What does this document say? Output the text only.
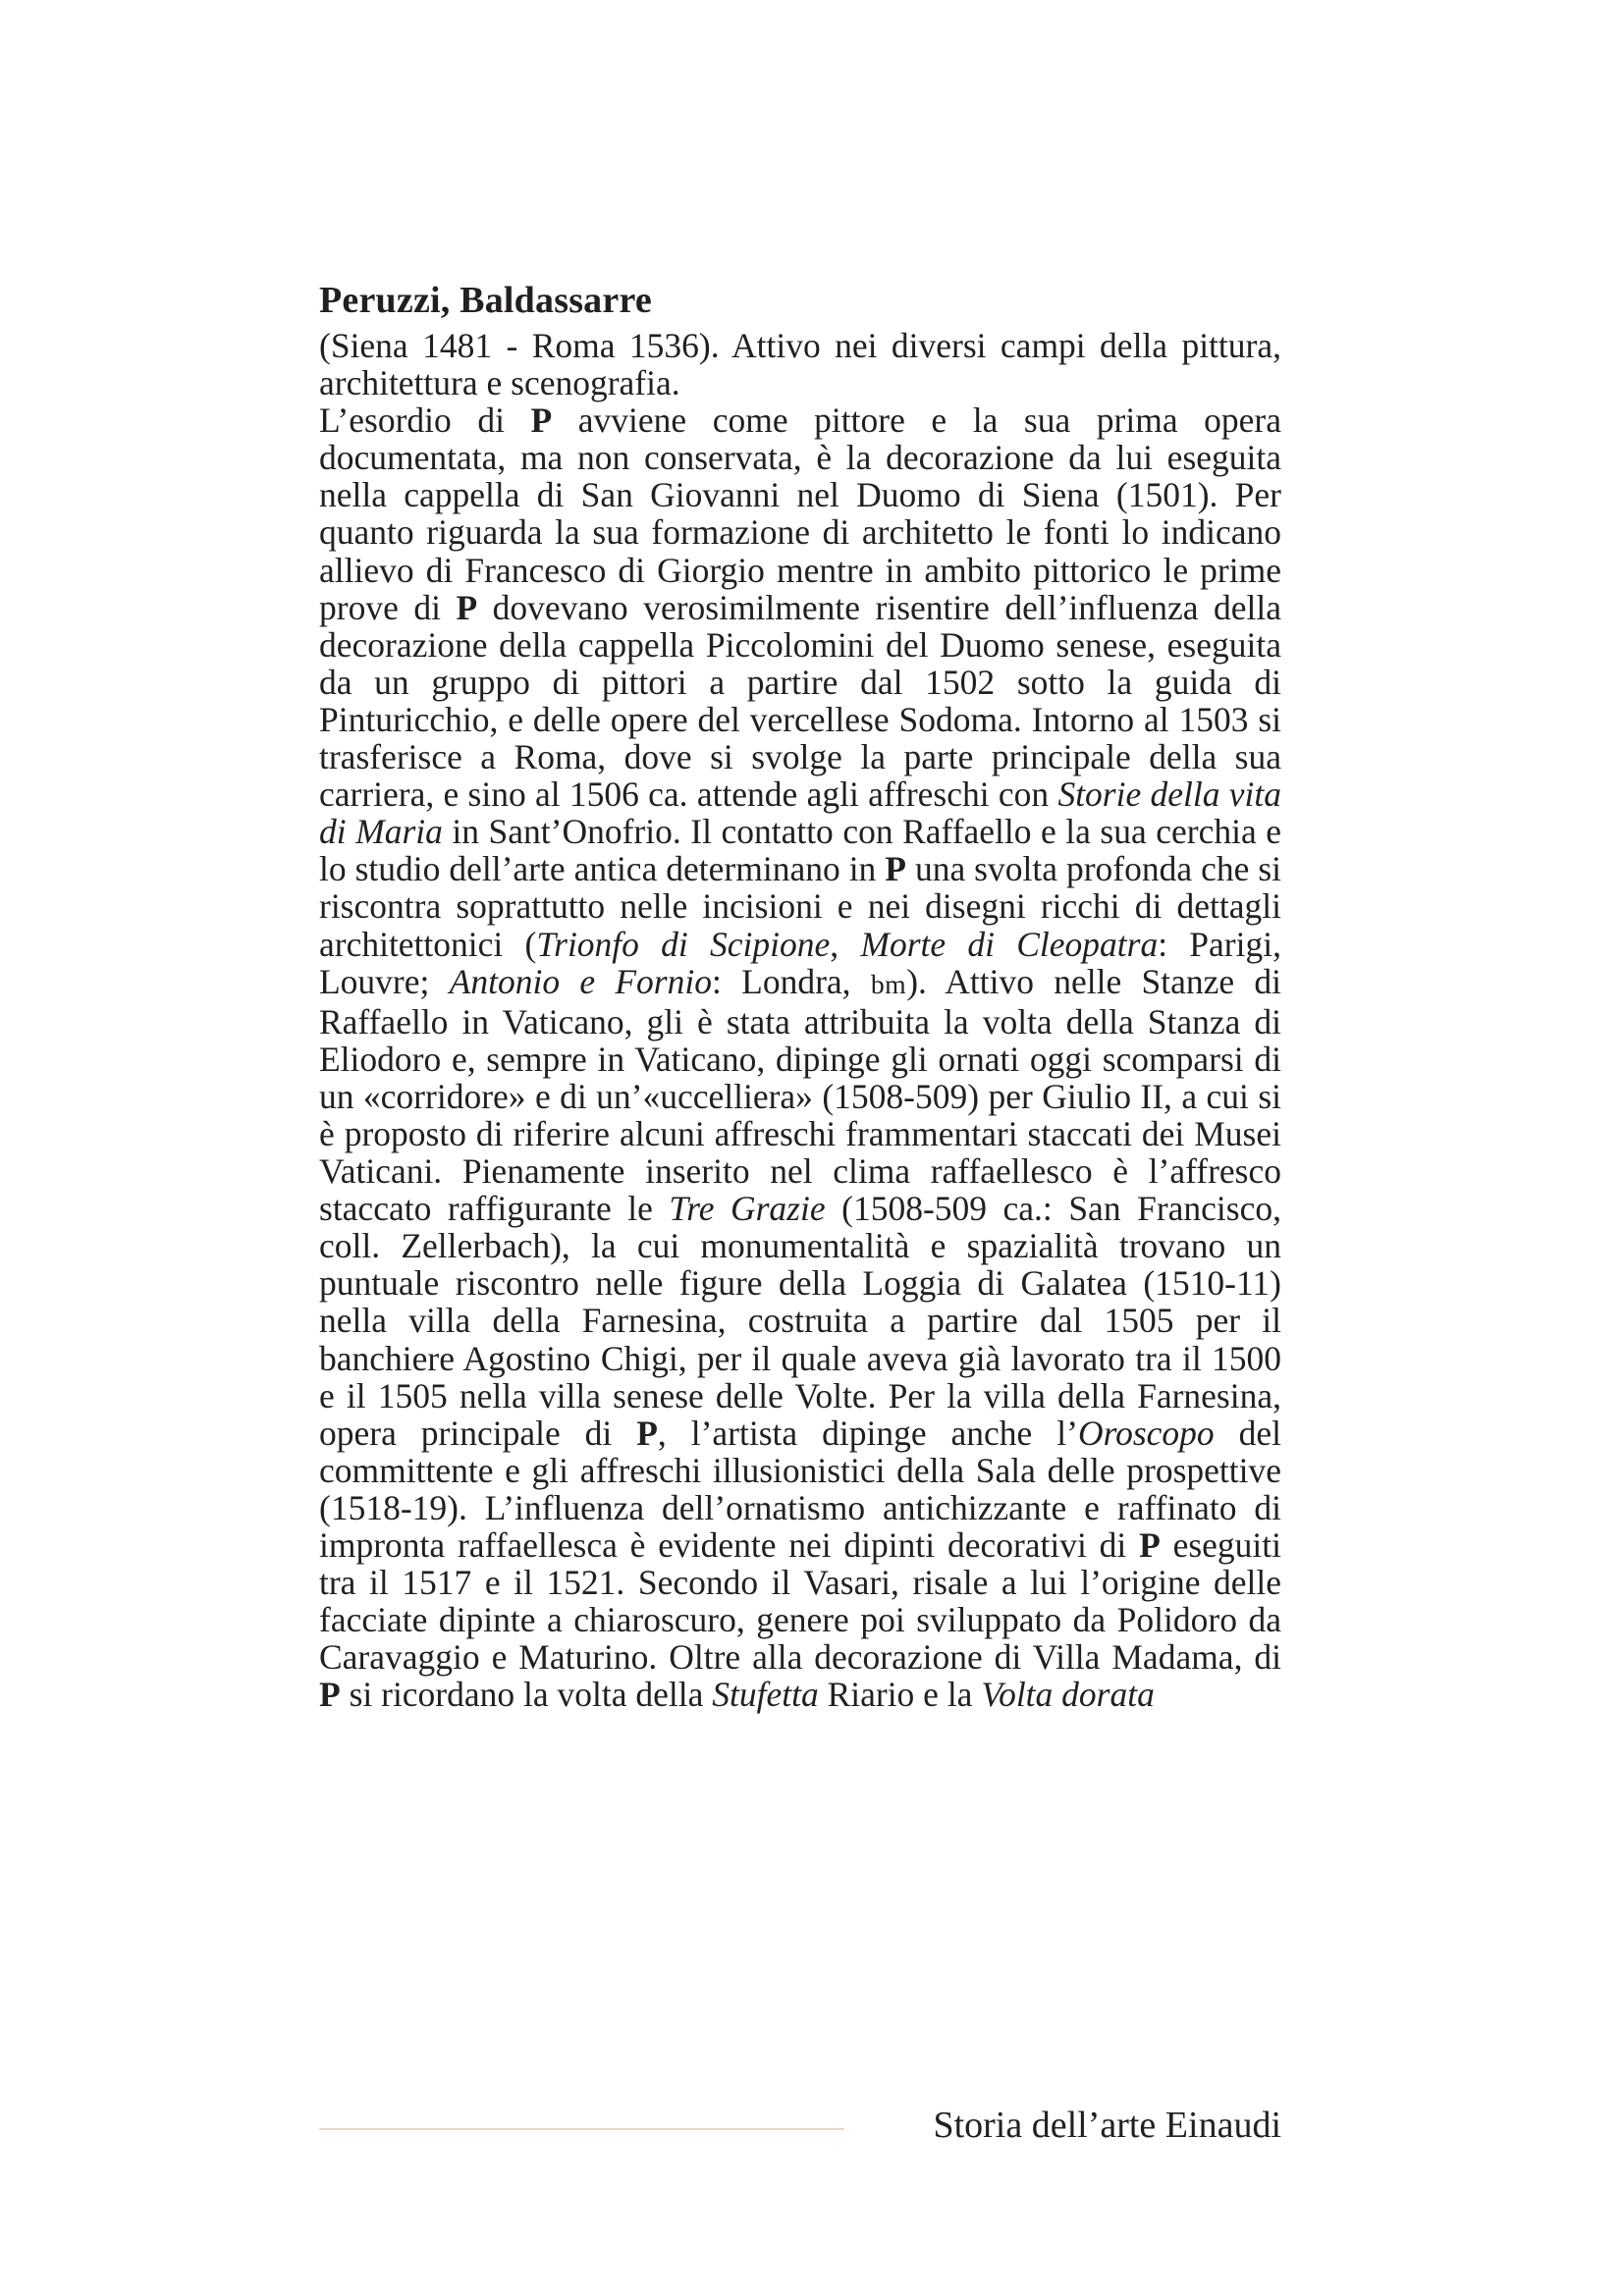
Peruzzi, Baldassarre

(Siena 1481 - Roma 1536). Attivo nei diversi campi della pittura, architettura e scenografia.

L’esordio di P avviene come pittore e la sua prima opera documentata, ma non conservata, è la decorazione da lui eseguita nella cappella di San Giovanni nel Duomo di Siena (1501). Per quanto riguarda la sua formazione di architetto le fonti lo indicano allievo di Francesco di Giorgio mentre in ambito pittorico le prime prove di P dovevano verosimilmente risentire dell’influenza della decorazione della cappella Piccolomini del Duomo senese, eseguita da un gruppo di pittori a partire dal 1502 sotto la guida di Pinturicchio, e delle opere del vercellese Sodoma. Intorno al 1503 si trasferisce a Roma, dove si svolge la parte principale della sua carriera, e sino al 1506 ca. attende agli affreschi con Storie della vita di Maria in Sant’Onofrio. Il contatto con Raffaello e la sua cerchia e lo studio dell’arte antica determinano in P una svolta profonda che si riscontra soprattutto nelle incisioni e nei disegni ricchi di dettagli architettonici (Trionfo di Scipione, Morte di Cleopatra: Parigi, Louvre; Antonio e Fornio: Londra, bm). Attivo nelle Stanze di Raffaello in Vaticano, gli è stata attribuita la volta della Stanza di Eliodoro e, sempre in Vaticano, dipinge gli ornati oggi scomparsi di un «corridore» e di un’«uccelliera» (1508-509) per Giulio II, a cui si è proposto di riferire alcuni affreschi frammentari staccati dei Musei Vaticani. Pienamente inserito nel clima raffaellesco è l’affresco staccato raffigurante le Tre Grazie (1508-509 ca.: San Francisco, coll. Zellerbach), la cui monumentalità e spazialità trovano un puntuale riscontro nelle figure della Loggia di Galatea (1510-11) nella villa della Farnesina, costruita a partire dal 1505 per il banchiere Agostino Chigi, per il quale aveva già lavorato tra il 1500 e il 1505 nella villa senese delle Volte. Per la villa della Farnesina, opera principale di P, l’artista dipinge anche l’Oroscopo del committente e gli affreschi illusionistici della Sala delle prospettive (1518-19). L’influenza dell’ornatismo antichizzante e raffinato di impronta raffaellesca è evidente nei dipinti decorativi di P eseguiti tra il 1517 e il 1521. Secondo il Vasari, risale a lui l’origine delle facciate dipinte a chiaroscuro, genere poi sviluppato da Polidoro da Caravaggio e Maturino. Oltre alla decorazione di Villa Madama, di P si ricordano la volta della Stufetta Riario e la Volta dorata

Storia dell’arte Einaudi
